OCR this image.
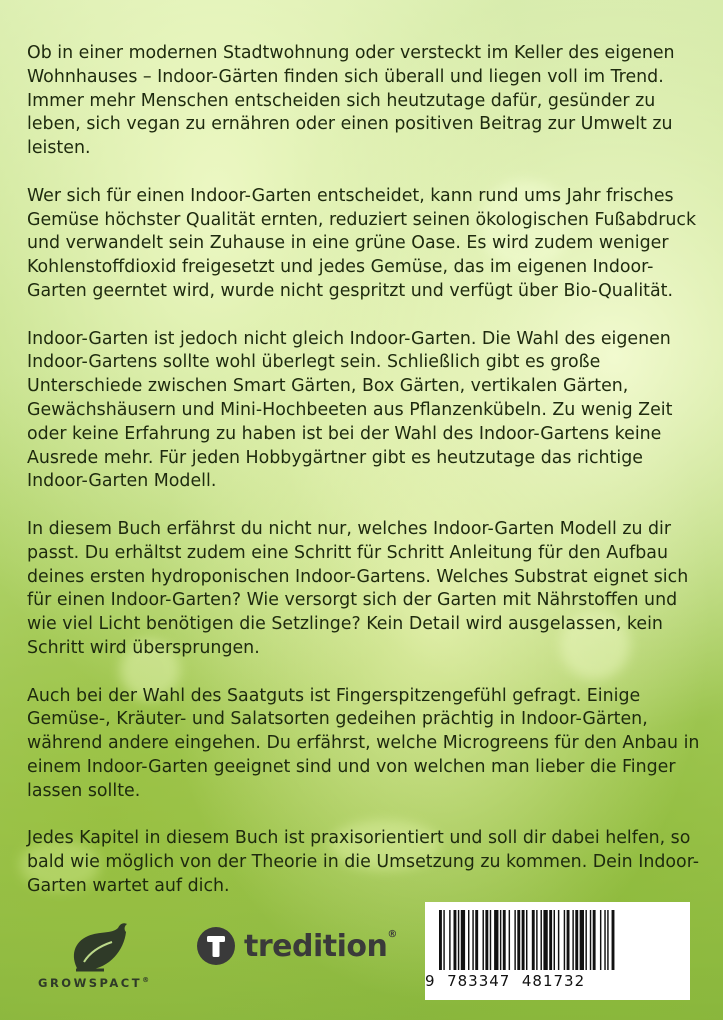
Ob in einer modernen Stadtwohnung oder versteckt im Keller des eigenen Wohnhauses – Indoor-Gärten finden sich überall und liegen voll im Trend. Immer mehr Menschen entscheiden sich heutzutage dafür, gesünder zu leben, sich vegan zu ernähren oder einen positiven Beitrag zur Umwelt zu leisten.

Wer sich für einen Indoor-Garten entscheidet, kann rund ums Jahr frisches Gemüse höchster Qualität ernten, reduziert seinen ökologischen Fußabdruck und verwandelt sein Zuhause in eine grüne Oase. Es wird zudem weniger Kohlenstoffdioxid freigesetzt und jedes Gemüse, das im eigenen Indoor-Garten geerntet wird, wurde nicht gespritzt und verfügt über Bio-Qualität.

Indoor-Garten ist jedoch nicht gleich Indoor-Garten. Die Wahl des eigenen Indoor-Gartens sollte wohl überlegt sein. Schließlich gibt es große Unterschiede zwischen Smart Gärten, Box Gärten, vertikalen Gärten, Gewächshäusern und Mini-Hochbeeten aus Pflanzenkübeln. Zu wenig Zeit oder keine Erfahrung zu haben ist bei der Wahl des Indoor-Gartens keine Ausrede mehr. Für jeden Hobbygärtner gibt es heutzutage das richtige Indoor-Garten Modell.

In diesem Buch erfährst du nicht nur, welches Indoor-Garten Modell zu dir passt. Du erhältst zudem eine Schritt für Schritt Anleitung für den Aufbau deines ersten hydroponischen Indoor-Gartens. Welches Substrat eignet sich für einen Indoor-Garten? Wie versorgt sich der Garten mit Nährstoffen und wie viel Licht benötigen die Setzlinge? Kein Detail wird ausgelassen, kein Schritt wird übersprungen.

Auch bei der Wahl des Saatguts ist Fingerspitzengefühl gefragt. Einige Gemüse-, Kräuter- und Salatsorten gedeihen prächtig in Indoor-Gärten, während andere eingehen. Du erfährst, welche Microgreens für den Anbau in einem Indoor-Garten geeignet sind und von welchen man lieber die Finger lassen sollte.

Jedes Kapitel in diesem Buch ist praxisorientiert und soll dir dabei helfen, so bald wie möglich von der Theorie in die Umsetzung zu kommen. Dein Indoor-Garten wartet auf dich.

GROWSPACT®
tredition®
9  783347  481732
